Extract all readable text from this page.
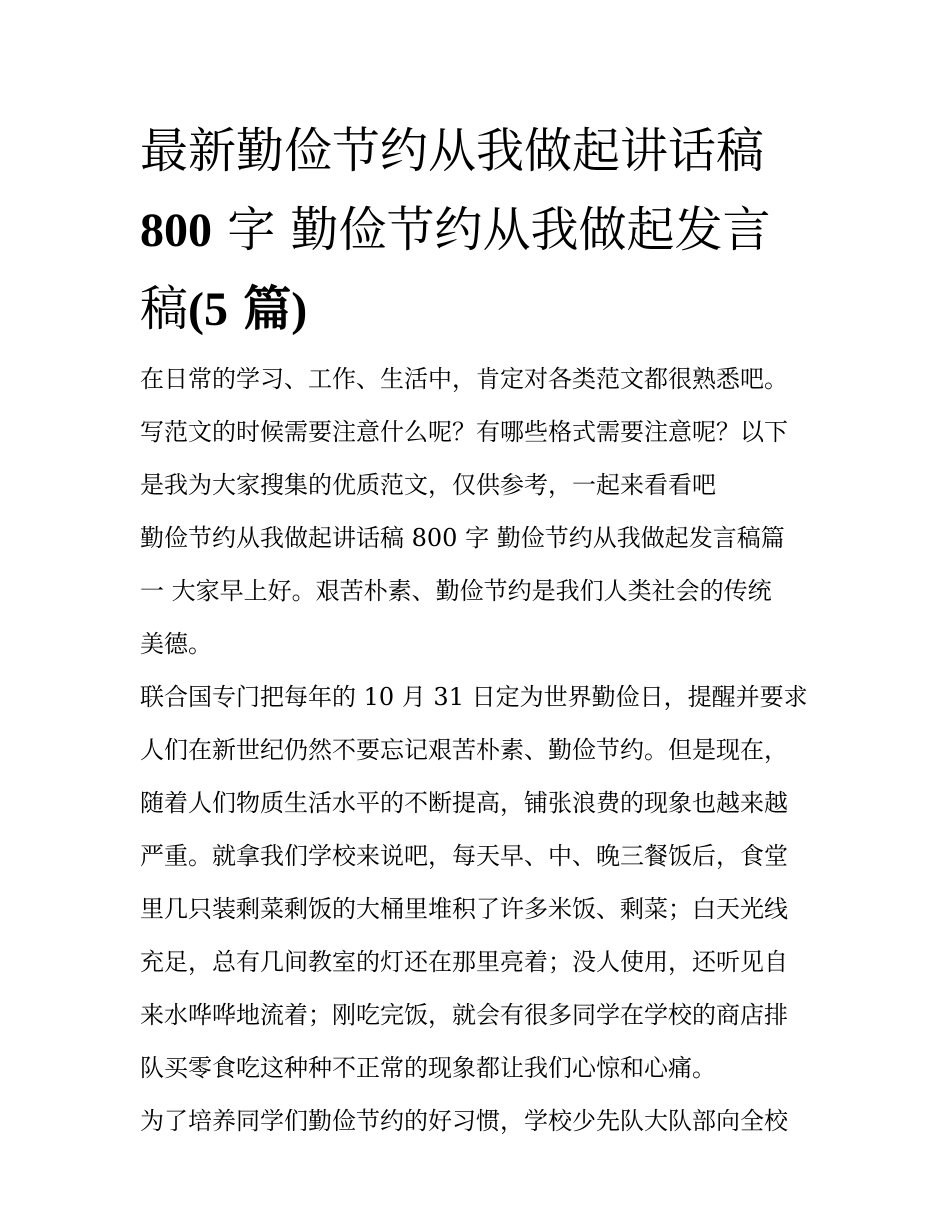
最新勤俭节约从我做起讲话稿
800 字 勤俭节约从我做起发言
稿(5 篇)
在日常的学习、工作、生活中，肯定对各类范文都很熟悉吧。
写范文的时候需要注意什么呢？有哪些格式需要注意呢？以下
是我为大家搜集的优质范文，仅供参考，一起来看看吧
勤俭节约从我做起讲话稿 800 字 勤俭节约从我做起发言稿篇
一 大家早上好。艰苦朴素、勤俭节约是我们人类社会的传统
美德。
联合国专门把每年的 10 月 31 日定为世界勤俭日，提醒并要求
人们在新世纪仍然不要忘记艰苦朴素、勤俭节约。但是现在，
随着人们物质生活水平的不断提高，铺张浪费的现象也越来越
严重。就拿我们学校来说吧，每天早、中、晚三餐饭后，食堂
里几只装剩菜剩饭的大桶里堆积了许多米饭、剩菜；白天光线
充足，总有几间教室的灯还在那里亮着；没人使用，还听见自
来水哗哗地流着；刚吃完饭，就会有很多同学在学校的商店排
队买零食吃这种种不正常的现象都让我们心惊和心痛。
为了培养同学们勤俭节约的好习惯，学校少先队大队部向全校
